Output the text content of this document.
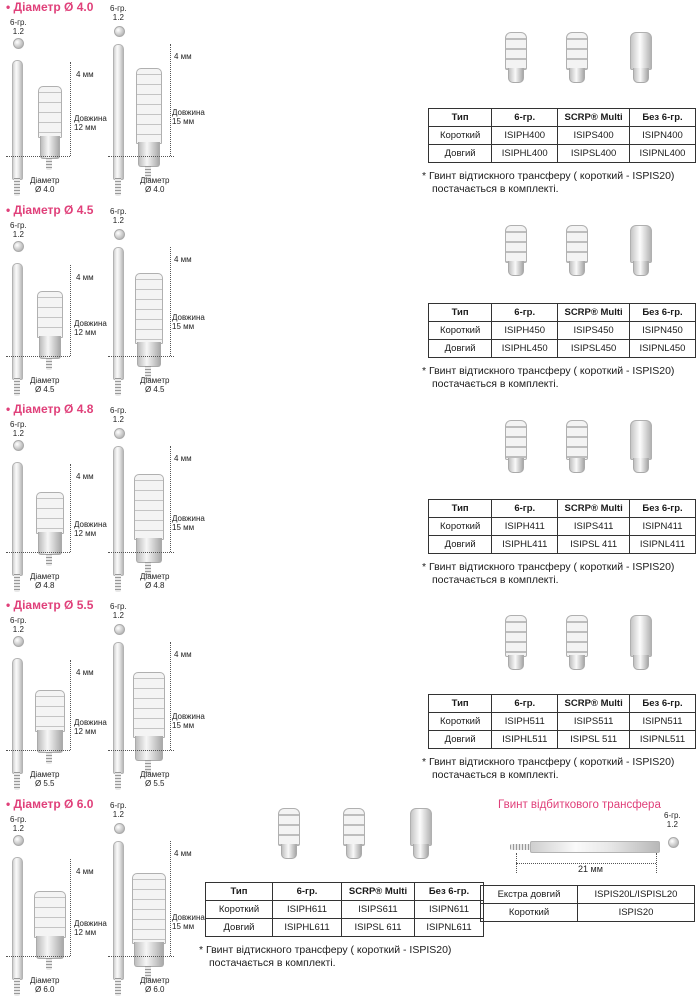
• Діаметр Ø 4.0
6-гр.
1.2
4 мм
Довжина
12 мм
Діаметр
Ø 4.0
6-гр.
1.2
4 мм
Довжина
15 мм
Діаметр
Ø 4.0
Тип	6-гр.	SCRP® Multi	Без 6-гр.
Короткий	ISIPH400	ISIPS400	ISIPN400
Довгий	ISIPHL400	ISIPSL400	ISIPNL400
* Гвинт відтискного трансферу ( короткий - ISPIS20)
постачається в комплекті.
• Діаметр Ø 4.5
6-гр.
1.2
4 мм
Довжина
12 мм
Діаметр
Ø 4.5
6-гр.
1.2
4 мм
Довжина
15 мм
Діаметр
Ø 4.5
Тип	6-гр.	SCRP® Multi	Без 6-гр.
Короткий	ISIPH450	ISIPS450	ISIPN450
Довгий	ISIPHL450	ISIPSL450	ISIPNL450
* Гвинт відтискного трансферу ( короткий - ISPIS20)
постачається в комплекті.
• Діаметр Ø 4.8
6-гр.
1.2
4 мм
Довжина
12 мм
Діаметр
Ø 4.8
6-гр.
1.2
4 мм
Довжина
15 мм
Діаметр
Ø 4.8
Тип	6-гр.	SCRP® Multi	Без 6-гр.
Короткий	ISIPH411	ISIPS411	ISIPN411
Довгий	ISIPHL411	ISIPSL 411	ISIPNL411
* Гвинт відтискного трансферу ( короткий - ISPIS20)
постачається в комплекті.
• Діаметр Ø 5.5
6-гр.
1.2
4 мм
Довжина
12 мм
Діаметр
Ø 5.5
6-гр.
1.2
4 мм
Довжина
15 мм
Діаметр
Ø 5.5
Тип	6-гр.	SCRP® Multi	Без 6-гр.
Короткий	ISIPH511	ISIPS511	ISIPN511
Довгий	ISIPHL511	ISIPSL 511	ISIPNL511
* Гвинт відтискного трансферу ( короткий - ISPIS20)
постачається в комплекті.
• Діаметр Ø 6.0
6-гр.
1.2
4 мм
Довжина
12 мм
Діаметр
Ø 6.0
6-гр.
1.2
4 мм
Довжина
15 мм
Діаметр
Ø 6.0
Тип	6-гр.	SCRP® Multi	Без 6-гр.
Короткий	ISIPH611	ISIPS611	ISIPN611
Довгий	ISIPHL611	ISIPSL 611	ISIPNL611
* Гвинт відтискного трансферу ( короткий - ISPIS20)
постачається в комплекті.
Гвинт відбиткового трансфера
6-гр.
1.2
21 мм
Екстра довгий	ISPIS20L/ISPISL20
Короткий	ISPIS20
